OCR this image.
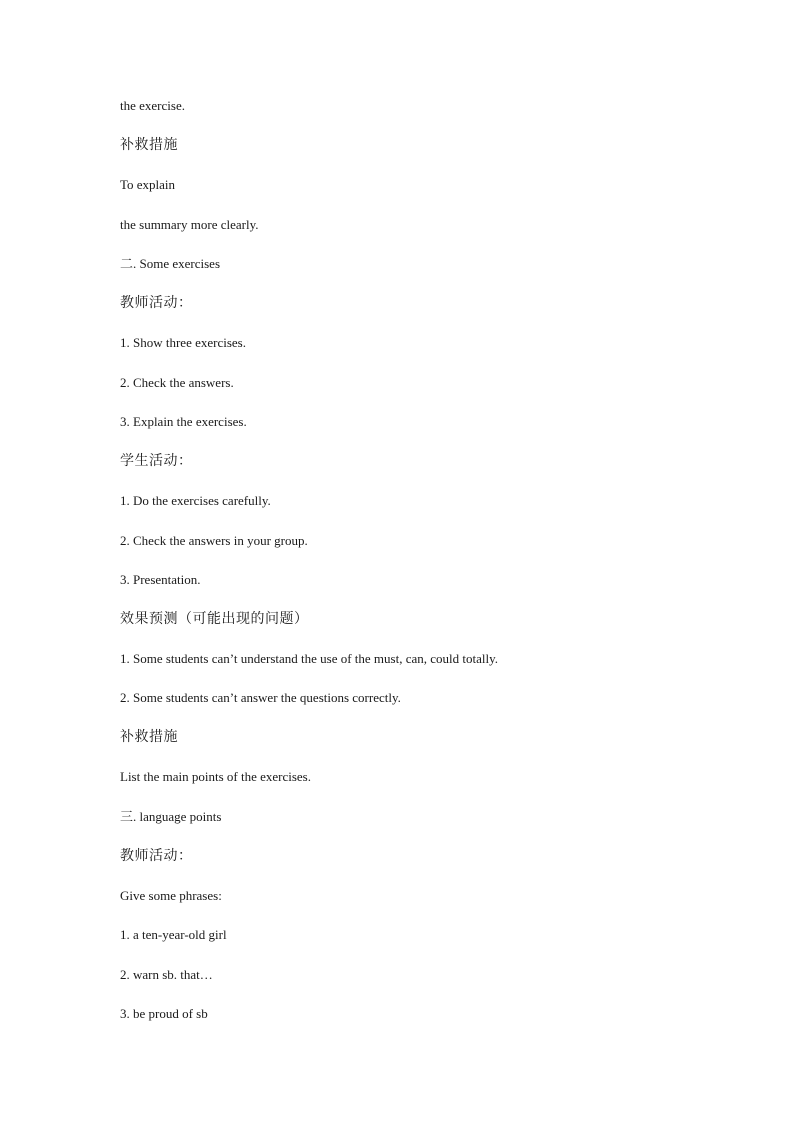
the exercise.
补救措施
To explain
the summary more clearly.
二. Some exercises
教师活动：
1. Show three exercises.
2. Check the answers.
3. Explain the exercises.
学生活动：
1. Do the exercises carefully.
2. Check the answers in your group.
3. Presentation.
效果预测（可能出现的问题）
1. Some students can’t understand the use of the must, can, could totally.
2. Some students can’t answer the questions correctly.
补救措施
List the main points of the exercises.
三. language points
教师活动：
Give some phrases:
1. a ten-year-old girl
2. warn sb. that…
3. be proud of sb
